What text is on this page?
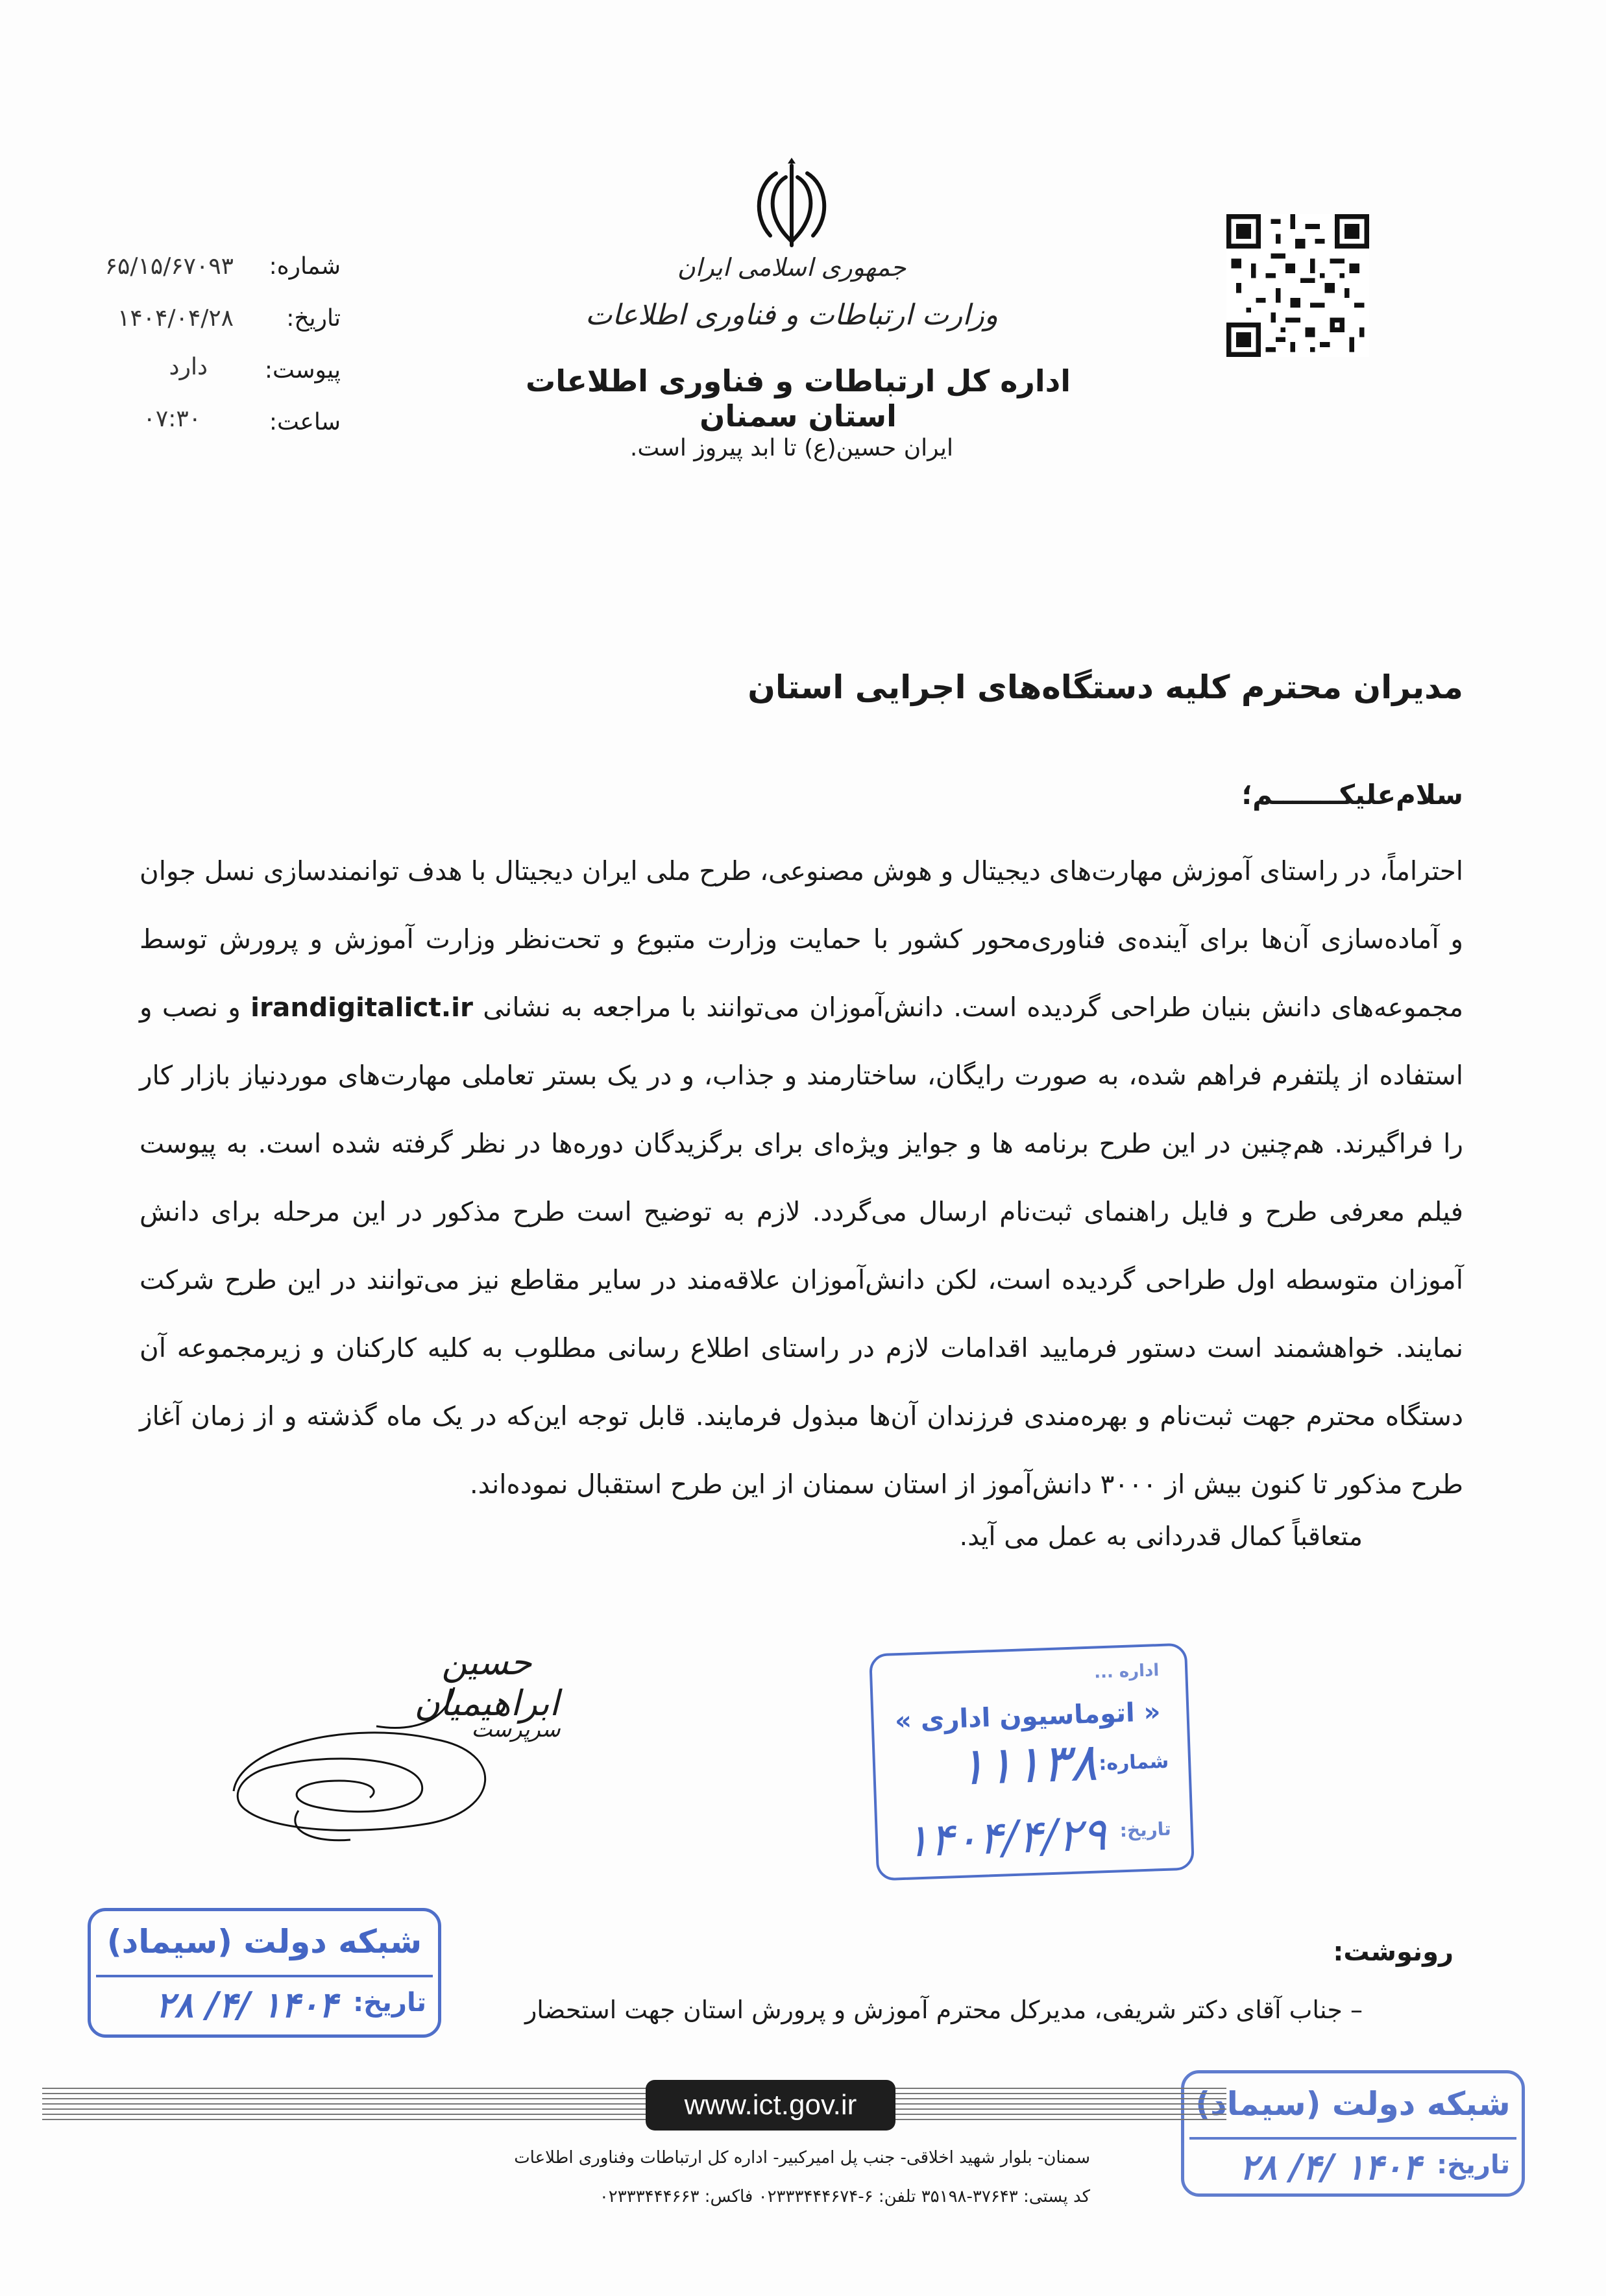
جمهوری اسلامی ایران
وزارت ارتباطات و فناوری اطلاعات
اداره کل ارتباطات و فناوری اطلاعات استان سمنان
ایران حسین(ع) تا ابد پیروز است.
شماره:
۶۵/۱۵/۶۷۰۹۳
تاریخ:
۱۴۰۴/۰۴/۲۸
پیوست:
دارد
ساعت:
۰۷:۳۰
مدیران محترم کلیه دستگاه‌های اجرایی استان
سلام‌علیکـــــــم؛
احتراماً، در راستای آموزش مهارت‌های دیجیتال و هوش مصنوعی، طرح ملی ایران دیجیتال با هدف توانمندسازی نسل جوان و آماده‌سازی آن‌ها برای آینده‌ی فناوری‌محور کشور با حمایت وزارت متبوع و تحت‌نظر وزارت آموزش و پرورش توسط مجموعه‌های دانش بنیان طراحی گردیده است. دانش‌آموزان می‌توانند با مراجعه به نشانی irandigitalict.ir و نصب و استفاده از پلتفرم فراهم شده، به صورت رایگان، ساختارمند و جذاب، و در یک بستر تعاملی مهارت‌های موردنیاز بازار کار را فراگیرند. هم‌چنین در این طرح برنامه ها و جوایز ویژه‌ای برای برگزیدگان دوره‌ها در نظر گرفته شده است. به پیوست فیلم معرفی طرح و فایل راهنمای ثبت‌نام ارسال می‌گردد. لازم به توضیح است طرح مذکور در این مرحله برای دانش آموزان متوسطه اول طراحی گردیده است، لکن دانش‌آموزان علاقه‌مند در سایر مقاطع نیز می‌توانند در این طرح شرکت نمایند. خواهشمند است دستور فرمایید اقدامات لازم در راستای اطلاع رسانی مطلوب به کلیه کارکنان و زیرمجموعه آن دستگاه محترم جهت ثبت‌نام و بهره‌مندی فرزندان آن‌ها مبذول فرمایند. قابل توجه این‌که در یک ماه گذشته و از زمان آغاز طرح مذکور تا کنون بیش از ۳۰۰۰ دانش‌آموز از استان سمنان از این طرح استقبال نموده‌اند.
متعاقباً کمال قدردانی به عمل می آید.
حسین ابراهیمیان
سرپرست
اداره ...
« اتوماسیون اداری »
شماره:
۱۱۱۳۸
تاریخ:
۱۴۰۴/۴/۲۹
شبکه دولت (سیماد)
تاریخ:
۱۴۰۴ /۴/ ۲۸
شبکه دولت (سیماد)
تاریخ:
۱۴۰۴ /۴/ ۲۸
رونوشت:
– جناب آقای دکتر شریفی، مدیرکل محترم آموزش و پرورش استان جهت استحضار
www.ict.gov.ir
سمنان- بلوار شهید اخلاقی- جنب پل امیرکبیر- اداره کل ارتباطات وفناوری اطلاعات
کد پستی: ۳۷۶۴۳-۳۵۱۹۸ تلفن: ۶-۰۲۳۳۳۴۴۴۶۷۴ فاکس: ۰۲۳۳۳۴۴۴۶۶۳
